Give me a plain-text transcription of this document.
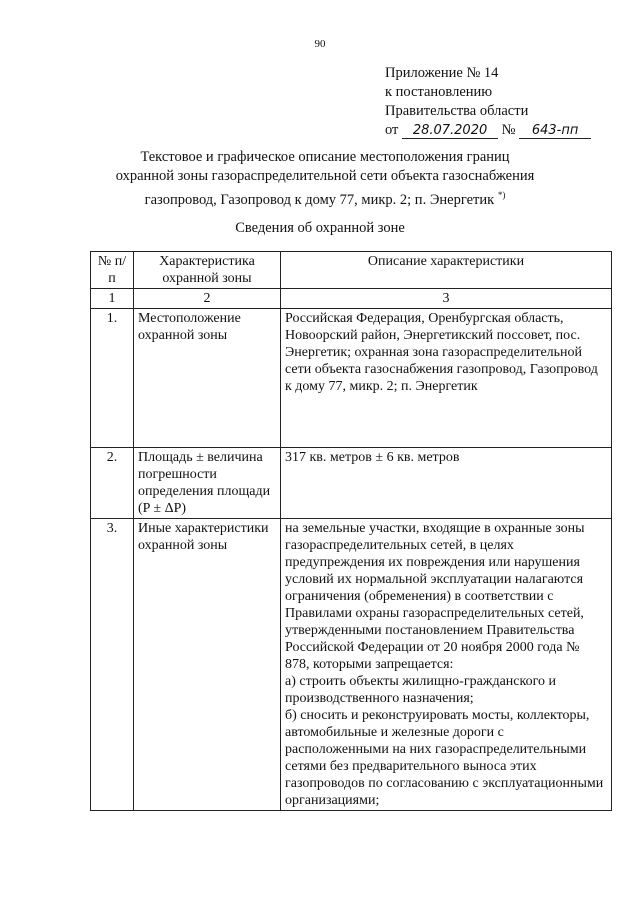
90
Приложение № 14
к постановлению
Правительства области
от 28.07.2020 № 643-пп
Текстовое и графическое описание местоположения границ
охранной зоны газораспределительной сети объекта газоснабжения
газопровод, Газопровод к дому 77, микр. 2; п. Энергетик *)
Сведения об охранной зоне
№ п/п	Характеристика охранной зоны	Описание характеристики
1	2	3
1.	Местоположение охранной зоны	Российская Федерация, Оренбургская область, Новоорский район, Энергетикский поссовет, пос. Энергетик; охранная зона газораспределительной сети объекта газоснабжения газопровод, Газопровод к дому 77, микр. 2; п. Энергетик
2.	Площадь ± величина погрешности определения площади (P ± ΔP)	317 кв. метров ± 6 кв. метров
3.	Иные характеристики охранной зоны	на земельные участки, входящие в охранные зоны газораспределительных сетей, в целях предупреждения их повреждения или нарушения условий их нормальной эксплуатации налагаются ограничения (обременения) в соответствии с Правилами охраны газораспределительных сетей, утвержденными постановлением Правительства Российской Федерации от 20 ноября 2000 года № 878, которыми запрещается:
а) строить объекты жилищно-гражданского и производственного назначения;
б) сносить и реконструировать мосты, коллекторы, автомобильные и железные дороги с расположенными на них газораспределительными сетями без предварительного выноса этих газопроводов по согласованию с эксплуатационными организациями;
